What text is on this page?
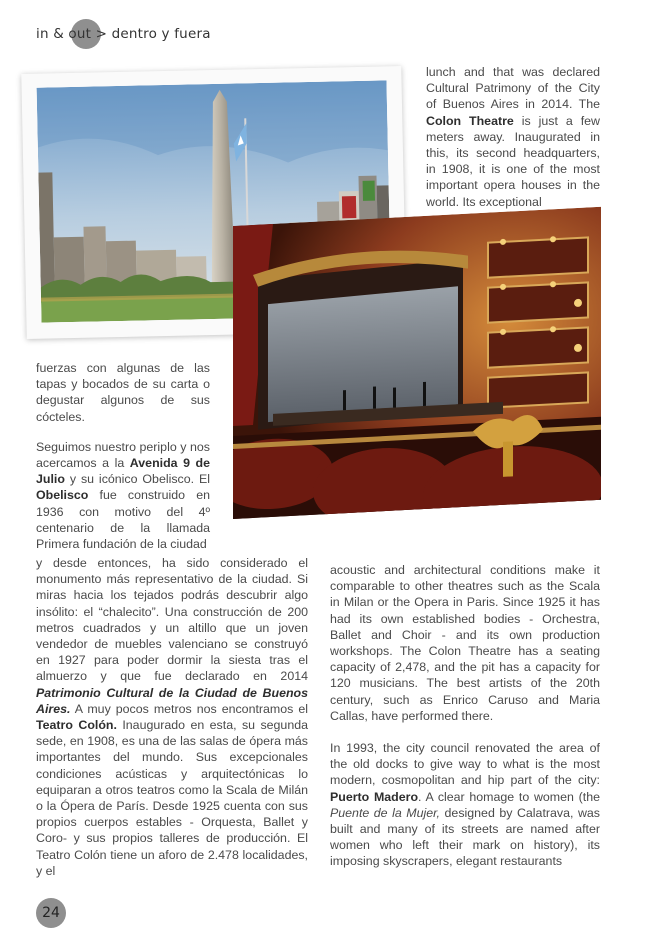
in & out > dentro y fuera

lunch and that was declared Cultural Patrimony of the City of Buenos Aires in 2014. The Colon Theatre is just a few meters away. Inaugurated in this, its second headquarters, in 1908, it is one of the most important opera houses in the world. Its exceptional

fuerzas con algunas de las tapas y bocados de su carta o degustar algunos de sus cócteles.

Seguimos nuestro periplo y nos acercamos a la Avenida 9 de Julio y su icónico Obelisco. El Obelisco fue construido en 1936 con motivo del 4º centenario de la llamada Primera fundación de la ciudad

y desde entonces, ha sido considerado el monumento más representativo de la ciudad. Si miras hacia los tejados podrás descubrir algo insólito: el “chalecito”. Una construcción de 200 metros cuadrados y un altillo que un joven vendedor de muebles valenciano se construyó en 1927 para poder dormir la siesta tras el almuerzo y que fue declarado en 2014 Patrimonio Cultural de la Ciudad de Buenos Aires. A muy pocos metros nos encontramos el Teatro Colón. Inaugurado en esta, su segunda sede, en 1908, es una de las salas de ópera más importantes del mundo. Sus excepcionales condiciones acústicas y arquitectónicas lo equiparan a otros teatros como la Scala de Milán o la Ópera de París. Desde 1925 cuenta con sus propios cuerpos estables - Orquesta, Ballet y Coro- y sus propios talleres de producción. El Teatro Colón tiene un aforo de 2.478 localidades, y el

acoustic and architectural conditions make it comparable to other theatres such as the Scala in Milan or the Opera in Paris. Since 1925 it has had its own established bodies - Orchestra, Ballet and Choir - and its own production workshops. The Colon Theatre has a seating capacity of 2,478, and the pit has a capacity for 120 musicians. The best artists of the 20th century, such as Enrico Caruso and Maria Callas, have performed there.

In 1993, the city council renovated the area of the old docks to give way to what is the most modern, cosmopolitan and hip part of the city: Puerto Madero. A clear homage to women (the Puente de la Mujer, designed by Calatrava, was built and many of its streets are named after women who left their mark on history), its imposing skyscrapers, elegant restaurants

24
